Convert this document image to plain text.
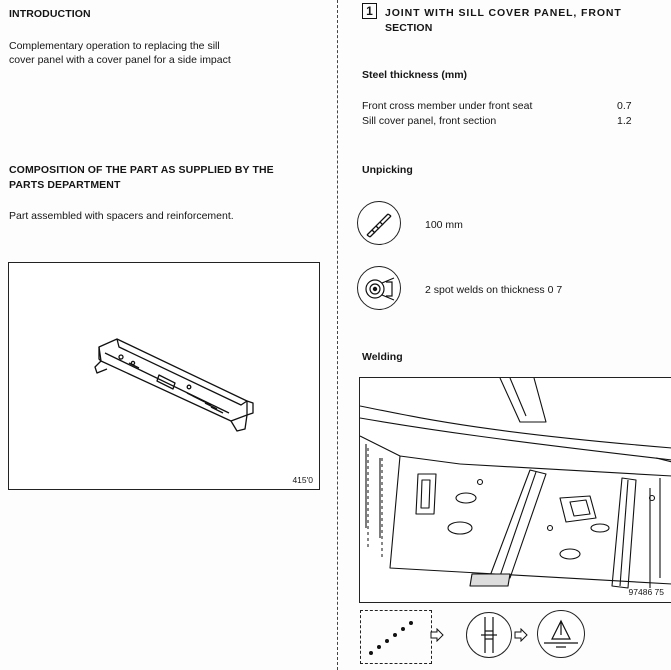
INTRODUCTION
Complementary operation to replacing the sill
cover panel with a cover panel for a side impact
COMPOSITION OF THE PART AS SUPPLIED BY THE
PARTS DEPARTMENT
Part assembled with spacers and reinforcement.
415'0
1	JOINT WITH SILL COVER PANEL, FRONT
SECTION
Steel thickness (mm)
Front cross member under front seat	0.7
Sill cover panel, front section	1.2
Unpicking
100 mm
2 spot welds on thickness 0 7
Welding
97486 75
